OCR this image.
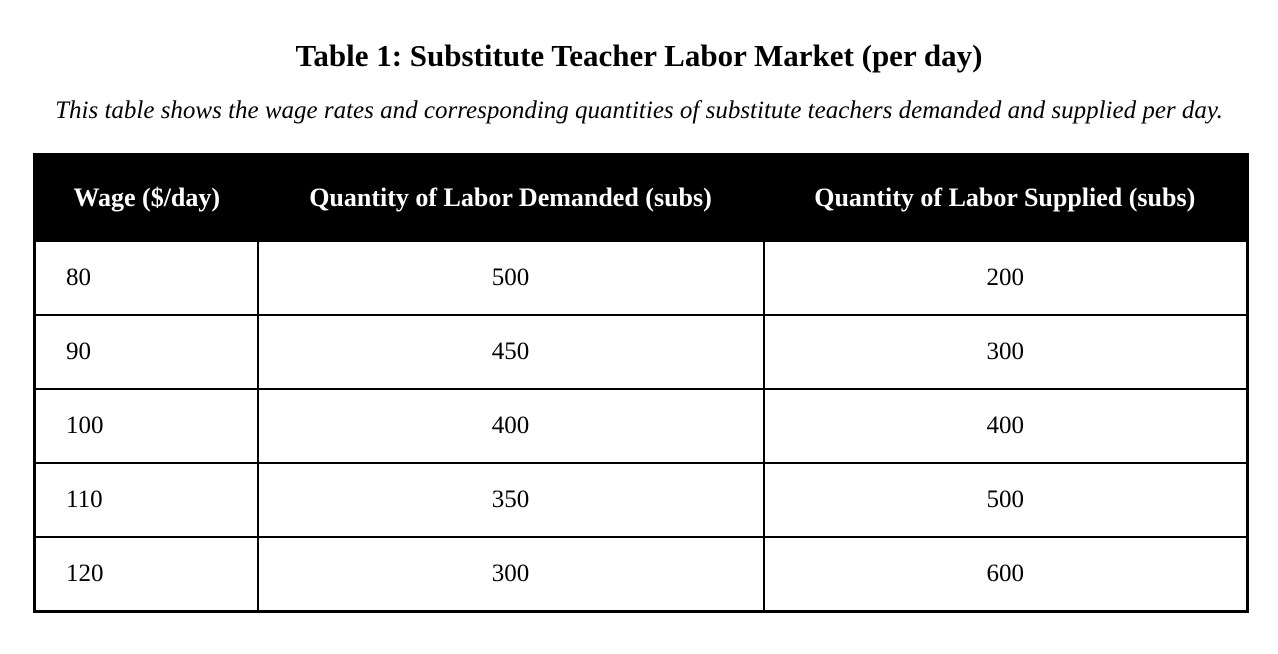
Table 1: Substitute Teacher Labor Market (per day)
This table shows the wage rates and corresponding quantities of substitute teachers demanded and supplied per day.
Wage ($/day)	Quantity of Labor Demanded (subs)	Quantity of Labor Supplied (subs)
80	500	200
90	450	300
100	400	400
110	350	500
120	300	600
